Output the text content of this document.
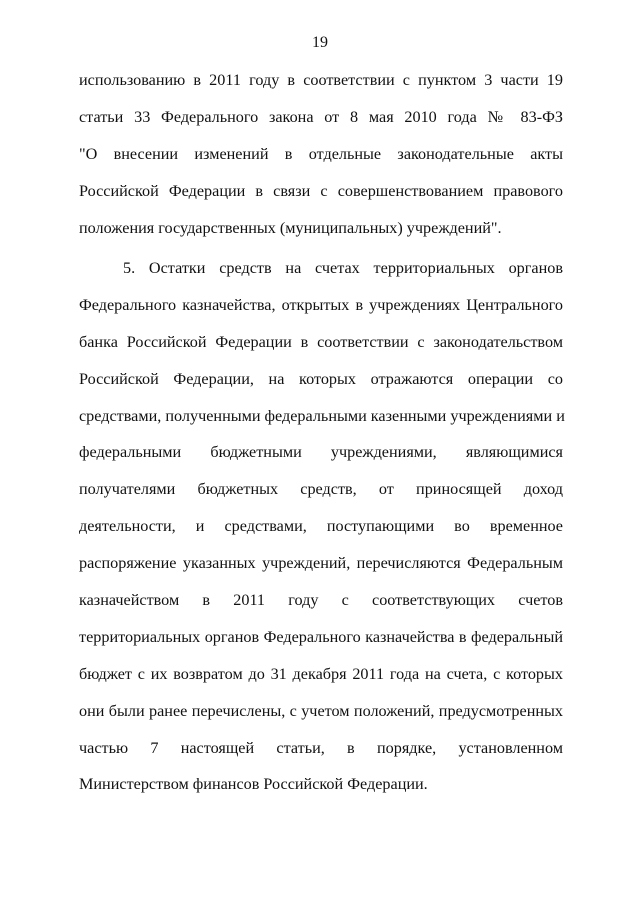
19
использованию в 2011 году в соответствии с пунктом 3 части 19
статьи 33 Федерального закона от 8 мая 2010 года № 83-ФЗ
"О внесении изменений в отдельные законодательные акты
Российской Федерации в связи с совершенствованием правового
положения государственных (муниципальных) учреждений".
5. Остатки средств на счетах территориальных органов
Федерального казначейства, открытых в учреждениях Центрального
банка Российской Федерации в соответствии с законодательством
Российской Федерации, на которых отражаются операции со
средствами, полученными федеральными казенными учреждениями и
федеральными бюджетными учреждениями, являющимися
получателями бюджетных средств, от приносящей доход
деятельности, и средствами, поступающими во временное
распоряжение указанных учреждений, перечисляются Федеральным
казначейством в 2011 году с соответствующих счетов
территориальных органов Федерального казначейства в федеральный
бюджет с их возвратом до 31 декабря 2011 года на счета, с которых
они были ранее перечислены, с учетом положений, предусмотренных
частью 7 настоящей статьи, в порядке, установленном
Министерством финансов Российской Федерации.
